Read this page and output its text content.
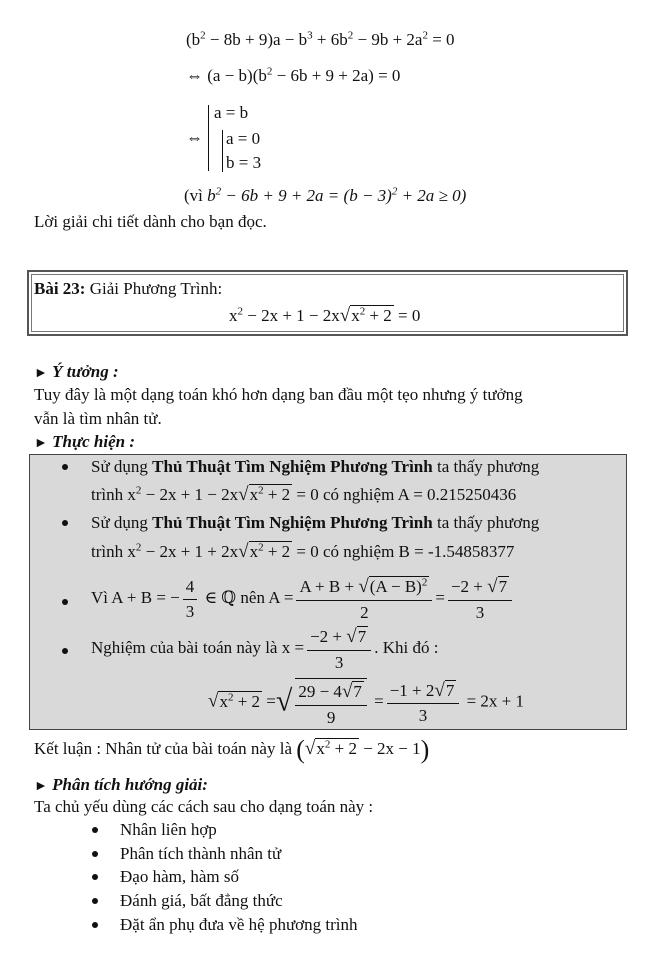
$(b^2 - 8b + 9)a - b^3 + 6b^2 - 9b + 2a^2 = 0$
⇔ $(a - b)(b^2 - 6b + 9 + 2a) = 0$
⇔
a = b
a = 0
b = 3
(vì $b^2 - 6b + 9 + 2a = (b - 3)^2 + 2a \ge 0$)
Lời giải chi tiết dành cho bạn đọc.
Bài 23: Giải Phương Trình:
$x^2 - 2x + 1 - 2x√x^2 + 2 = 0$
► Ý tưởng :
Tuy đây là một dạng toán khó hơn dạng ban đầu một tẹo nhưng ý tưởng
vẫn là tìm nhân tử.
► Thực hiện :
Sử dụng Thủ Thuật Tìm Nghiệm Phương Trình ta thấy phương
trình $x^2 - 2x + 1 - 2x√x^2 + 2 = 0$ có nghiệm A = 0.215250436
Sử dụng Thủ Thuật Tìm Nghiệm Phương Trình ta thấy phương
trình $x^2 - 2x + 1 + 2x√x^2 + 2 = 0$ có nghiệm B = -1.54858377
Vì A + B = − $\frac{4}{3}$ ∈ ℚ nên $A = \frac{A + B + √(A - B)^2}{2} = \frac{-2 + √7}{3}$
Nghiệm của bài toán này là $x = \frac{-2 + √7}{3}$ . Khi đó :
$√x^2 + 2$ =√ $\frac{29 - 4√7}{9} = \frac{-1 + 2√7}{3} = 2x + 1$
Kết luận : Nhân tử của bài toán này là $(√x^2 + 2 - 2x - 1)$
► Phân tích hướng giải:
Ta chủ yếu dùng các cách sau cho dạng toán này :
Nhân liên hợp
Phân tích thành nhân tử
Đạo hàm, hàm số
Đánh giá, bất đẳng thức
Đặt ẩn phụ đưa về hệ phương trình
